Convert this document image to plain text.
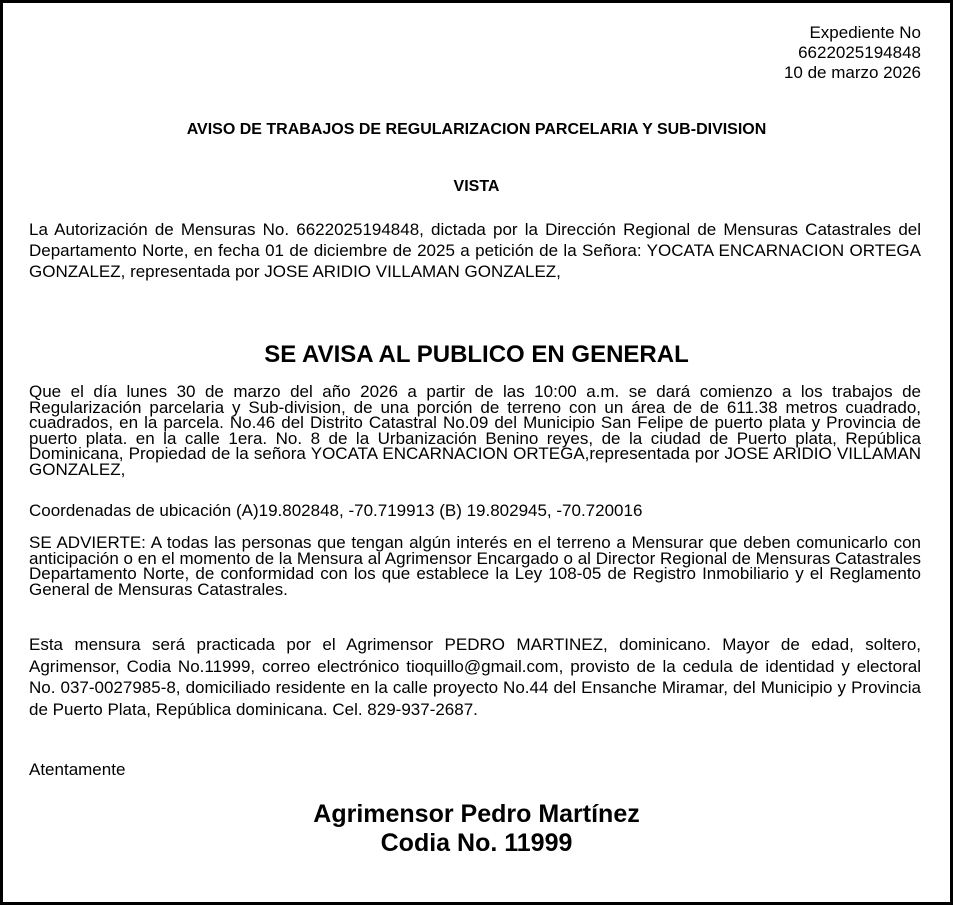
Expediente No
6622025194848
10 de marzo 2026
AVISO DE TRABAJOS DE REGULARIZACION PARCELARIA Y SUB-DIVISION
VISTA
La Autorización de Mensuras No. 6622025194848, dictada por la Dirección Regional de Mensuras Catastrales del Departamento Norte, en fecha 01 de diciembre de 2025 a petición de la Señora: YOCATA ENCARNACION ORTEGA GONZALEZ, representada por JOSE ARIDIO VILLAMAN GONZALEZ,
SE AVISA AL PUBLICO EN GENERAL
Que el día lunes 30 de marzo del año 2026 a partir de las 10:00 a.m. se dará comienzo a los trabajos de Regularización parcelaria y Sub-division, de una porción de terreno con un área de de 611.38 metros cuadrado, cuadrados, en la parcela. No.46 del Distrito Catastral No.09 del Municipio San Felipe de puerto plata y Provincia de puerto plata. en la calle 1era. No. 8 de la Urbanización Benino reyes, de la ciudad de Puerto plata, República Dominicana, Propiedad de la señora YOCATA ENCARNACION ORTEGA,representada por JOSE ARIDIO VILLAMAN GONZALEZ,
Coordenadas de ubicación (A)19.802848, -70.719913 (B) 19.802945, -70.720016
SE ADVIERTE: A todas las personas que tengan algún interés en el terreno a Mensurar que deben comunicarlo con anticipación o en el momento de la Mensura al Agrimensor Encargado o al Director Regional de Mensuras Catastrales Departamento Norte, de conformidad con los que establece la Ley 108-05 de Registro Inmobiliario y el Reglamento General de Mensuras Catastrales.
Esta mensura será practicada por el Agrimensor PEDRO MARTINEZ, dominicano. Mayor de edad, soltero, Agrimensor, Codia No.11999, correo electrónico tioquillo@gmail.com, provisto de la cedula de identidad y electoral No. 037-0027985-8, domiciliado residente en la calle proyecto No.44 del Ensanche Miramar, del Municipio y Provincia de Puerto Plata, República dominicana. Cel. 829-937-2687.
Atentamente
Agrimensor Pedro Martínez
Codia No. 11999
